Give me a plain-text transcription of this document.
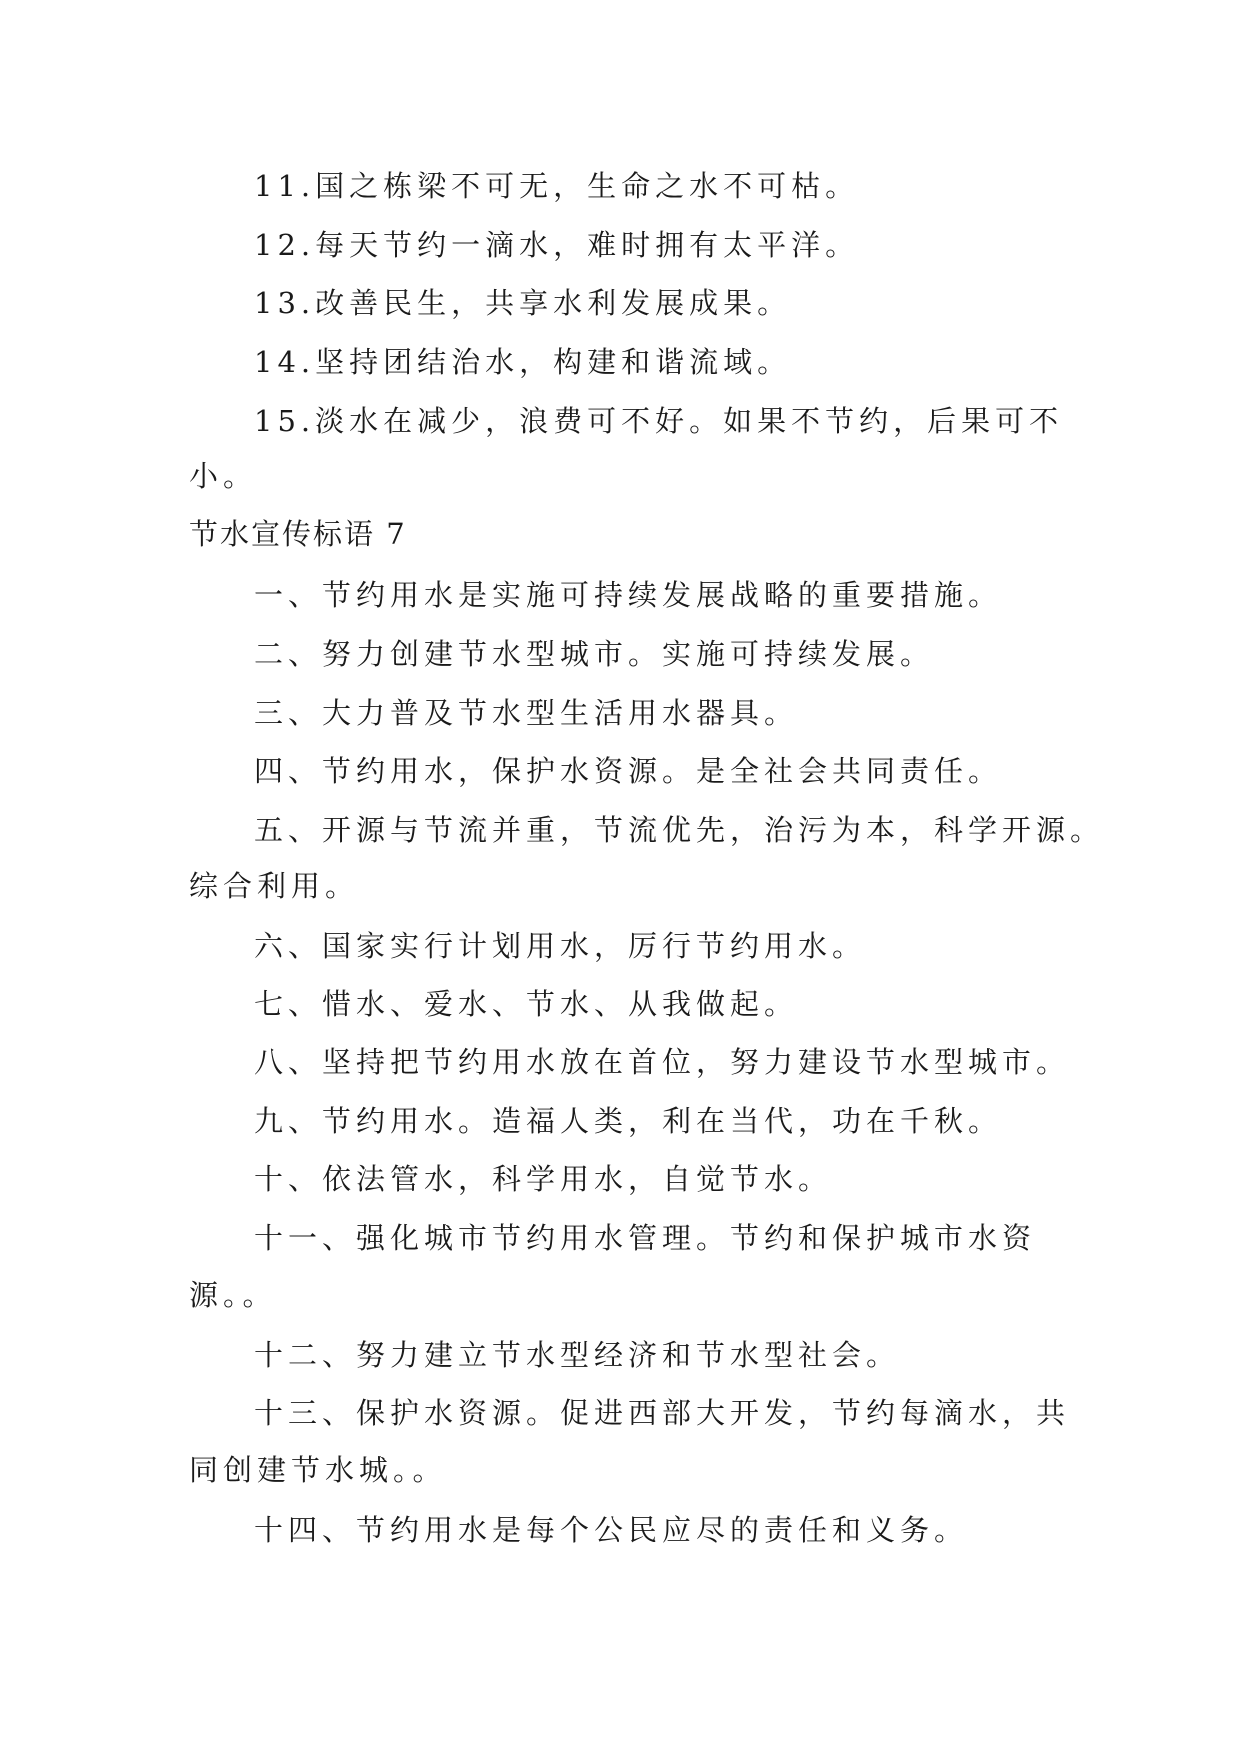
11.国之栋梁不可无，生命之水不可枯。
12.每天节约一滴水，难时拥有太平洋。
13.改善民生，共享水利发展成果。
14.坚持团结治水，构建和谐流域。
15.淡水在减少，浪费可不好。如果不节约，后果可不
小。
节水宣传标语 7
一、节约用水是实施可持续发展战略的重要措施。
二、努力创建节水型城市。实施可持续发展。
三、大力普及节水型生活用水器具。
四、节约用水，保护水资源。是全社会共同责任。
五、开源与节流并重，节流优先，治污为本，科学开源。
综合利用。
六、国家实行计划用水，厉行节约用水。
七、惜水、爱水、节水、从我做起。
八、坚持把节约用水放在首位，努力建设节水型城市。
九、节约用水。造福人类，利在当代，功在千秋。
十、依法管水，科学用水，自觉节水。
十一、强化城市节约用水管理。节约和保护城市水资
源。。
十二、努力建立节水型经济和节水型社会。
十三、保护水资源。促进西部大开发，节约每滴水，共
同创建节水城。。
十四、节约用水是每个公民应尽的责任和义务。
